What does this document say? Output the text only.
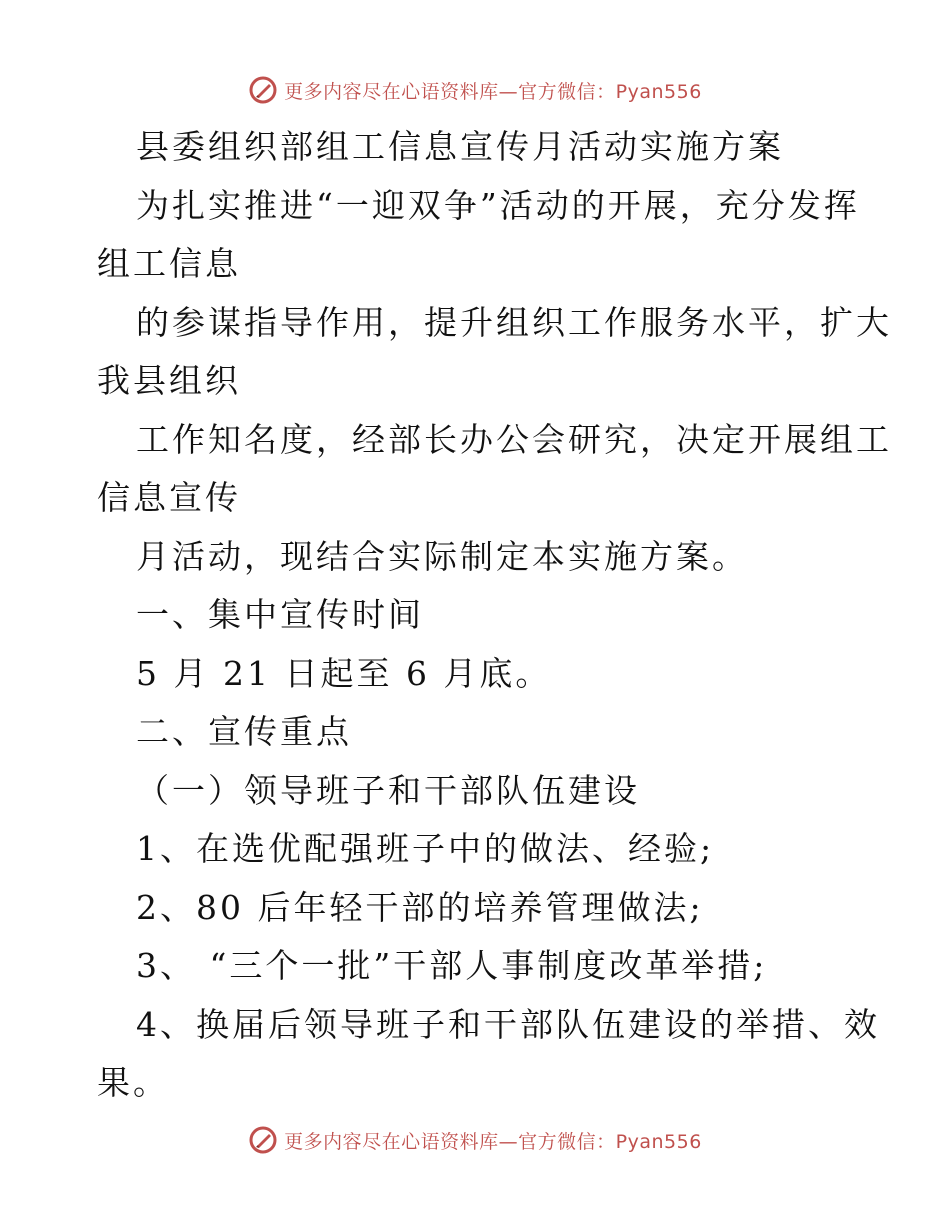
更多内容尽在心语资料库—官方微信：Pyan556
县委组织部组工信息宣传月活动实施方案
为扎实推进“一迎双争”活动的开展，充分发挥
组工信息
的参谋指导作用，提升组织工作服务水平，扩大
我县组织
工作知名度，经部长办公会研究，决定开展组工
信息宣传
月活动，现结合实际制定本实施方案。
一、集中宣传时间
5 月 21 日起至 6 月底。
二、宣传重点
（一）领导班子和干部队伍建设
1、在选优配强班子中的做法、经验;
2、80 后年轻干部的培养管理做法;
3、 “三个一批”干部人事制度改革举措;
4、换届后领导班子和干部队伍建设的举措、效
果。
更多内容尽在心语资料库—官方微信：Pyan556
